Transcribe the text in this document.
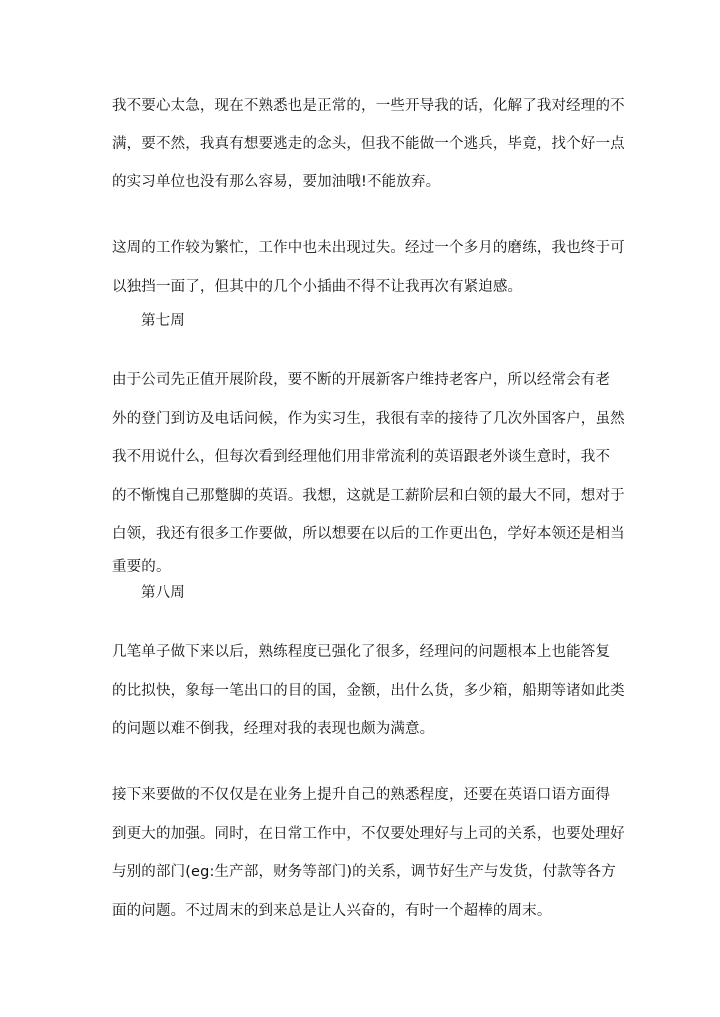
我不要心太急，现在不熟悉也是正常的，一些开导我的话，化解了我对经理的不
满，要不然，我真有想要逃走的念头，但我不能做一个逃兵，毕竟，找个好一点
的实习单位也没有那么容易，要加油哦!不能放弃。
这周的工作较为繁忙，工作中也未出现过失。经过一个多月的磨练，我也终于可
以独挡一面了，但其中的几个小插曲不得不让我再次有紧迫感。
第七周
由于公司先正值开展阶段，要不断的开展新客户维持老客户，所以经常会有老
外的登门到访及电话问候，作为实习生，我很有幸的接待了几次外国客户，虽然
我不用说什么，但每次看到经理他们用非常流利的英语跟老外谈生意时，我不
的不惭愧自己那蹩脚的英语。我想，这就是工薪阶层和白领的最大不同，想对于
白领，我还有很多工作要做，所以想要在以后的工作更出色，学好本领还是相当
重要的。
第八周
几笔单子做下来以后，熟练程度已强化了很多，经理问的问题根本上也能答复
的比拟快，象每一笔出口的目的国，金额，出什么货，多少箱，船期等诸如此类
的问题以难不倒我，经理对我的表现也颇为满意。
接下来要做的不仅仅是在业务上提升自己的熟悉程度，还要在英语口语方面得
到更大的加强。同时，在日常工作中，不仅要处理好与上司的关系，也要处理好
与别的部门(eg:生产部，财务等部门)的关系，调节好生产与发货，付款等各方
面的问题。不过周末的到来总是让人兴奋的，有时一个超棒的周末。
